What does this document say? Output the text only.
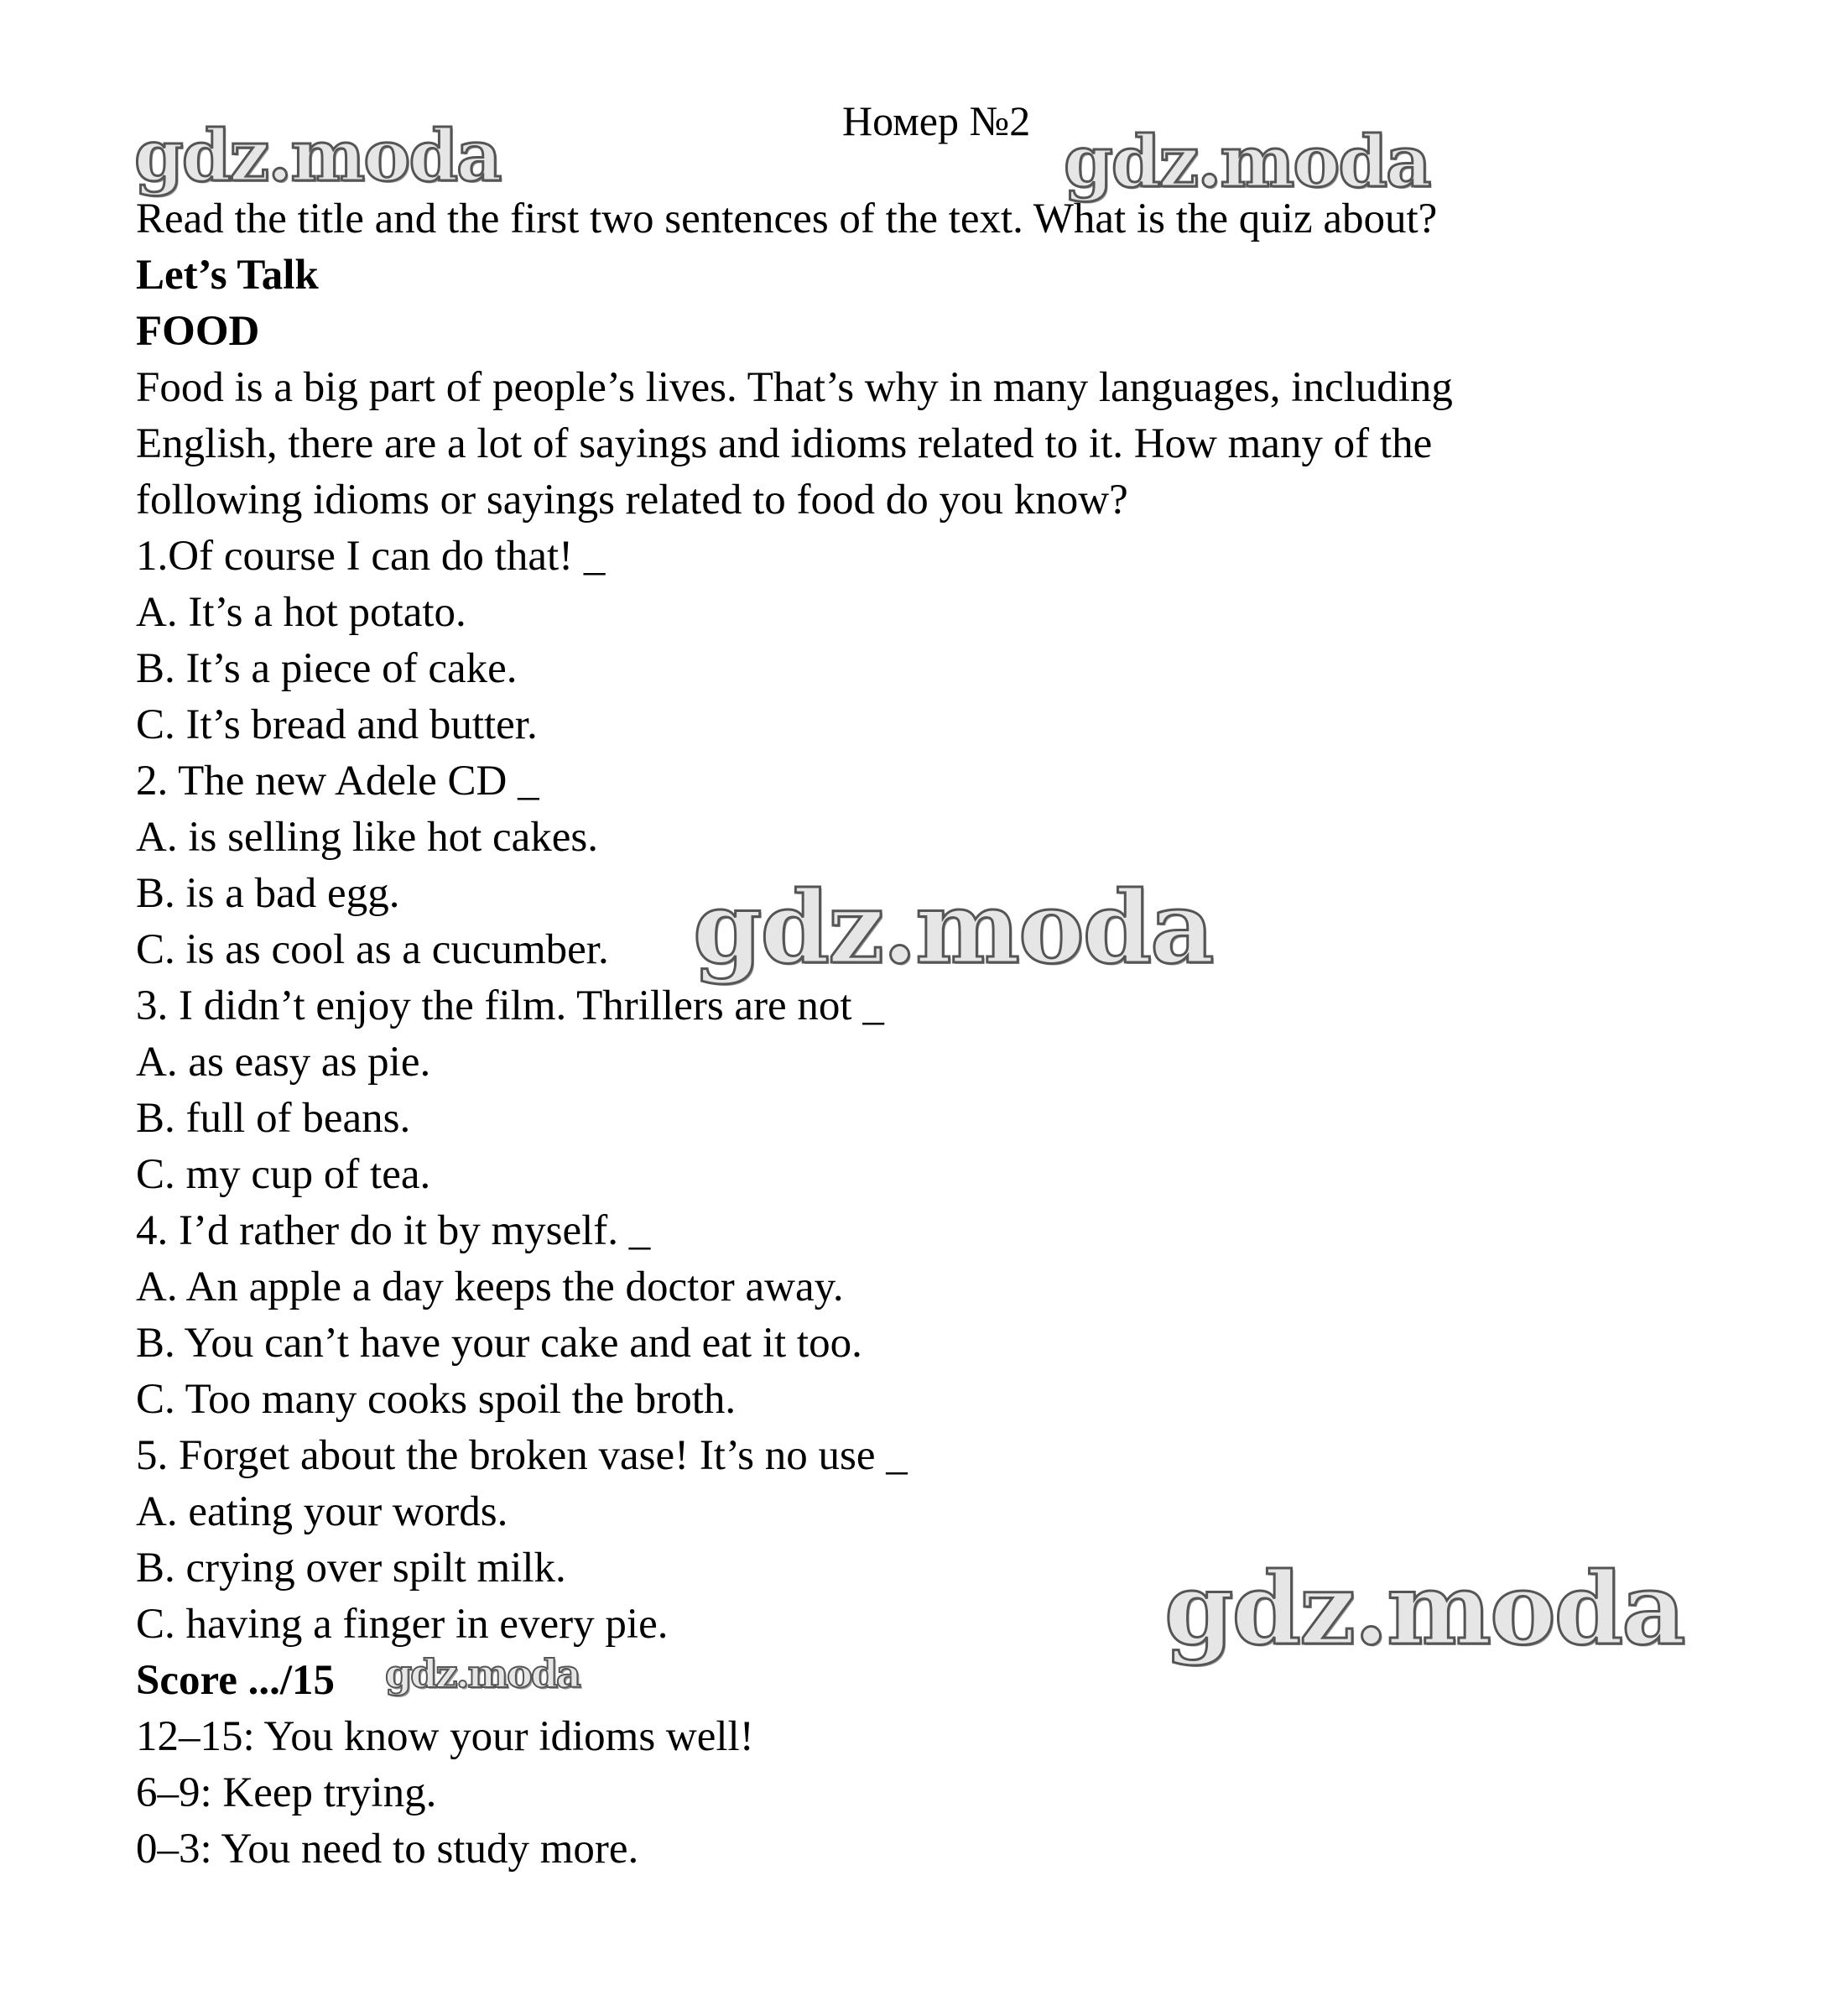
Номер №2
Read the title and the first two sentences of the text. What is the quiz about?
Let’s Talk
FOOD
Food is a big part of people’s lives. That’s why in many languages, including
English, there are a lot of sayings and idioms related to it. How many of the
following idioms or sayings related to food do you know?
1.Of course I can do that! _
A. It’s a hot potato.
B. It’s a piece of cake.
C. It’s bread and butter.
2. The new Adele CD _
A. is selling like hot cakes.
B. is a bad egg.
C. is as cool as a cucumber.
3. I didn’t enjoy the film. Thrillers are not _
A. as easy as pie.
B. full of beans.
C. my cup of tea.
4. I’d rather do it by myself. _
A. An apple a day keeps the doctor away.
B. You can’t have your cake and eat it too.
C. Too many cooks spoil the broth.
5. Forget about the broken vase! It’s no use _
A. eating your words.
B. crying over spilt milk.
C. having a finger in every pie.
Score .../15
12–15: You know your idioms well!
6–9: Keep trying.
0–3: You need to study more.
gdz.moda	gdz.moda
gdz.moda
gdz.moda
gdz.moda
